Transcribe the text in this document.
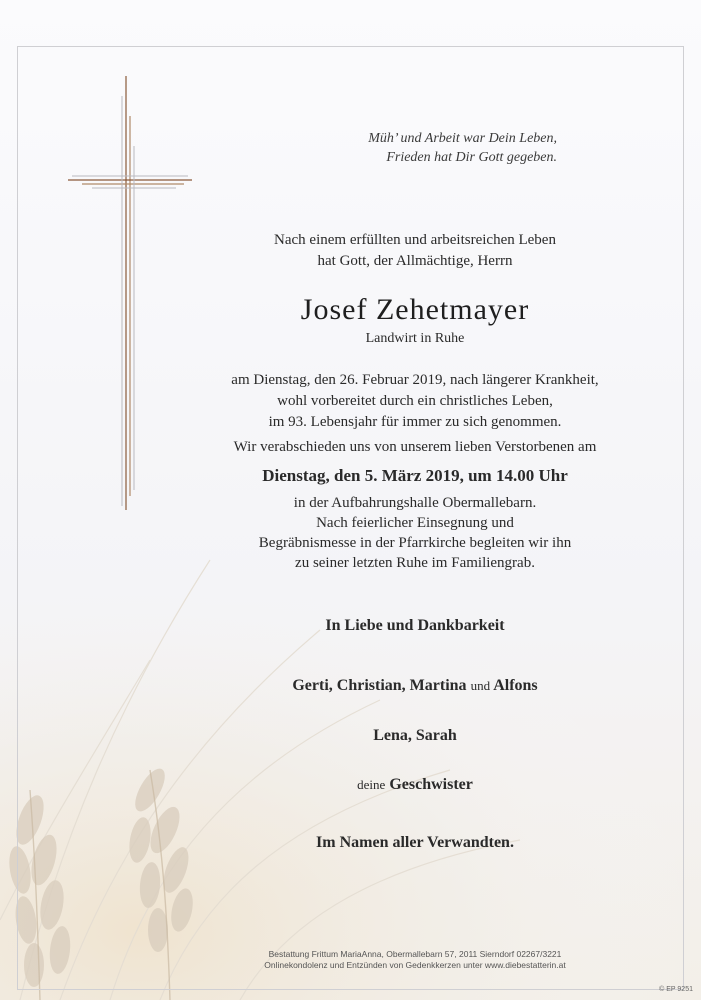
Müh’ und Arbeit war Dein Leben,
Frieden hat Dir Gott gegeben.
Nach einem erfüllten und arbeitsreichen Leben
hat Gott, der Allmächtige, Herrn
Josef Zehetmayer
Landwirt in Ruhe
am Dienstag, den 26. Februar 2019, nach längerer Krankheit,
wohl vorbereitet durch ein christliches Leben,
im 93. Lebensjahr für immer zu sich genommen.
Wir verabschieden uns von unserem lieben Verstorbenen am
Dienstag, den 5. März 2019, um 14.00 Uhr
in der Aufbahrungshalle Obermallebarn.
Nach feierlicher Einsegnung und
Begräbnismesse in der Pfarrkirche begleiten wir ihn
zu seiner letzten Ruhe im Familiengrab.
In Liebe und Dankbarkeit
Gerti, Christian, Martina und Alfons
Lena, Sarah
deine Geschwister
Im Namen aller Verwandten.
Bestattung Frittum MariaAnna, Obermallebarn 57, 2011 Sierndorf 02267/3221
Onlinekondolenz und Entzünden von Gedenkkerzen unter www.diebestatterin.at
© EP 9251
